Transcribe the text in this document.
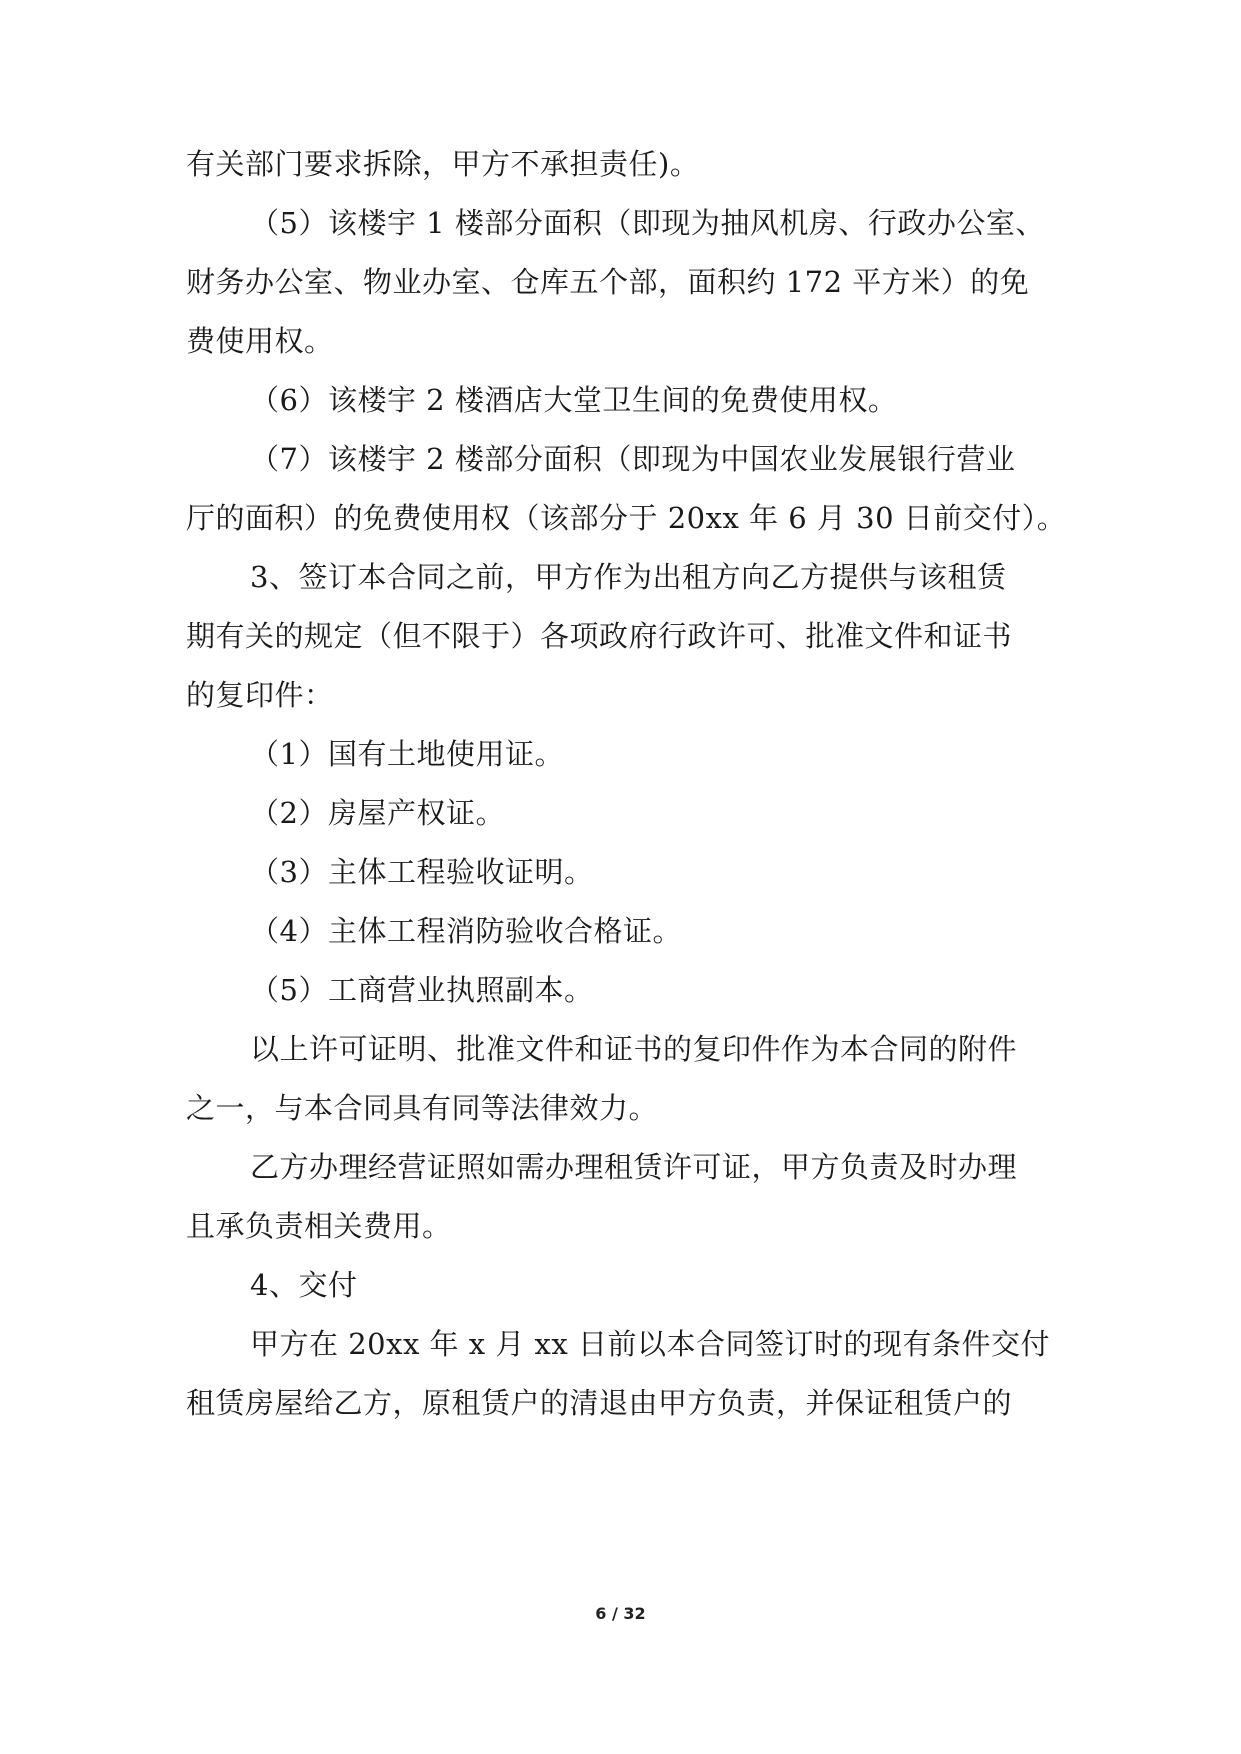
有关部门要求拆除，甲方不承担责任)。
（5）该楼宇 1 楼部分面积（即现为抽风机房、行政办公室、
财务办公室、物业办室、仓库五个部，面积约 172 平方米）的免
费使用权。
（6）该楼宇 2 楼酒店大堂卫生间的免费使用权。
（7）该楼宇 2 楼部分面积（即现为中国农业发展银行营业
厅的面积）的免费使用权（该部分于 20xx 年 6 月 30 日前交付）。
3、签订本合同之前，甲方作为出租方向乙方提供与该租赁
期有关的规定（但不限于）各项政府行政许可、批准文件和证书
的复印件：
（1）国有土地使用证。
（2）房屋产权证。
（3）主体工程验收证明。
（4）主体工程消防验收合格证。
（5）工商营业执照副本。
以上许可证明、批准文件和证书的复印件作为本合同的附件
之一，与本合同具有同等法律效力。
乙方办理经营证照如需办理租赁许可证，甲方负责及时办理
且承负责相关费用。
4、交付
甲方在 20xx 年 x 月 xx 日前以本合同签订时的现有条件交付
租赁房屋给乙方，原租赁户的清退由甲方负责，并保证租赁户的
6 / 32
